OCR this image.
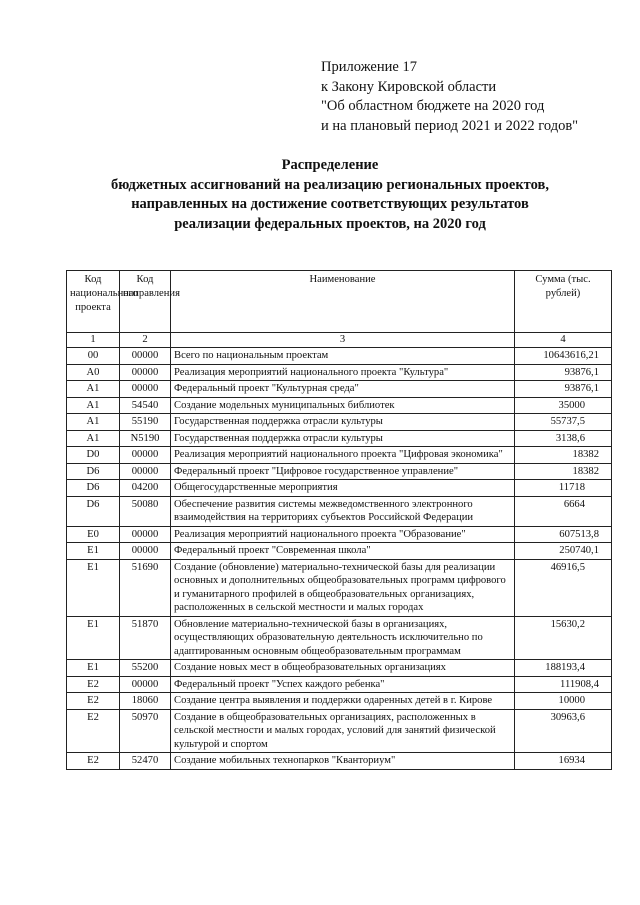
Приложение 17
к Закону Кировской области
"Об областном бюджете на 2020 год
и на плановый период 2021 и 2022 годов"
Распределение
бюджетных ассигнований на реализацию региональных проектов,
направленных на достижение соответствующих результатов
реализации федеральных проектов, на 2020 год
Код национального проекта	Код направления	Наименование	Сумма (тыс. рублей)
1	2	3	4
00	00000	Всего по национальным проектам	10643616,21
А0	00000	Реализация мероприятий национального проекта "Культура"	93876,1
А1	00000	Федеральный проект "Культурная среда"	93876,1
А1	54540	Создание модельных муниципальных библиотек	35000
А1	55190	Государственная поддержка отрасли культуры	55737,5
А1	N5190	Государственная поддержка отрасли культуры	3138,6
D0	00000	Реализация мероприятий национального проекта "Цифровая экономика"	18382
D6	00000	Федеральный проект "Цифровое государственное управление"	18382
D6	04200	Общегосударственные мероприятия	11718
D6	50080	Обеспечение развития системы межведомственного электронного взаимодействия на территориях субъектов Российской Федерации	6664
Е0	00000	Реализация мероприятий национального проекта "Образование"	607513,8
Е1	00000	Федеральный проект "Современная школа"	250740,1
Е1	51690	Создание (обновление) материально-технической базы для реализации основных и дополнительных общеобразовательных программ цифрового и гуманитарного профилей в общеобразовательных организациях, расположенных в сельской местности и малых городах	46916,5
Е1	51870	Обновление материально-технической базы в организациях, осуществляющих образовательную деятельность исключительно по адаптированным основным общеобразовательным программам	15630,2
Е1	55200	Создание новых мест в общеобразовательных организациях	188193,4
Е2	00000	Федеральный проект "Успех каждого ребенка"	111908,4
Е2	18060	Создание центра выявления и поддержки одаренных детей в г. Кирове	10000
Е2	50970	Создание в общеобразовательных организациях, расположенных в сельской местности и малых городах, условий для занятий физической культурой и спортом	30963,6
Е2	52470	Создание мобильных технопарков "Кванториум"	16934
